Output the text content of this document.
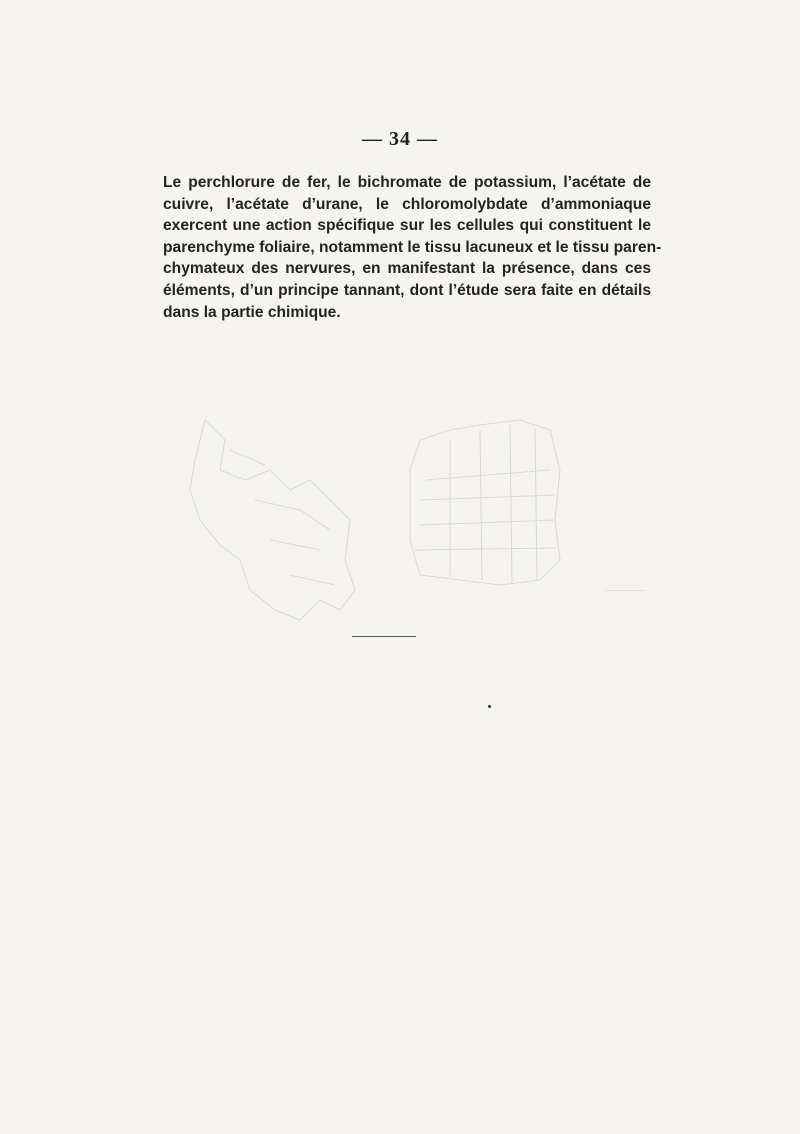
— 34 —
Le perchlorure de fer, le bichromate de potassium, l’acétate de
cuivre, l’acétate d’urane, le chloromolybdate d’ammoniaque
exercent une action spécifique sur les cellules qui constituent le
parenchyme foliaire, notamment le tissu lacuneux et le tissu paren-
chymateux des nervures, en manifestant la présence, dans ces
éléments, d’un principe tannant, dont l’étude sera faite en détails
dans la partie chimique.
